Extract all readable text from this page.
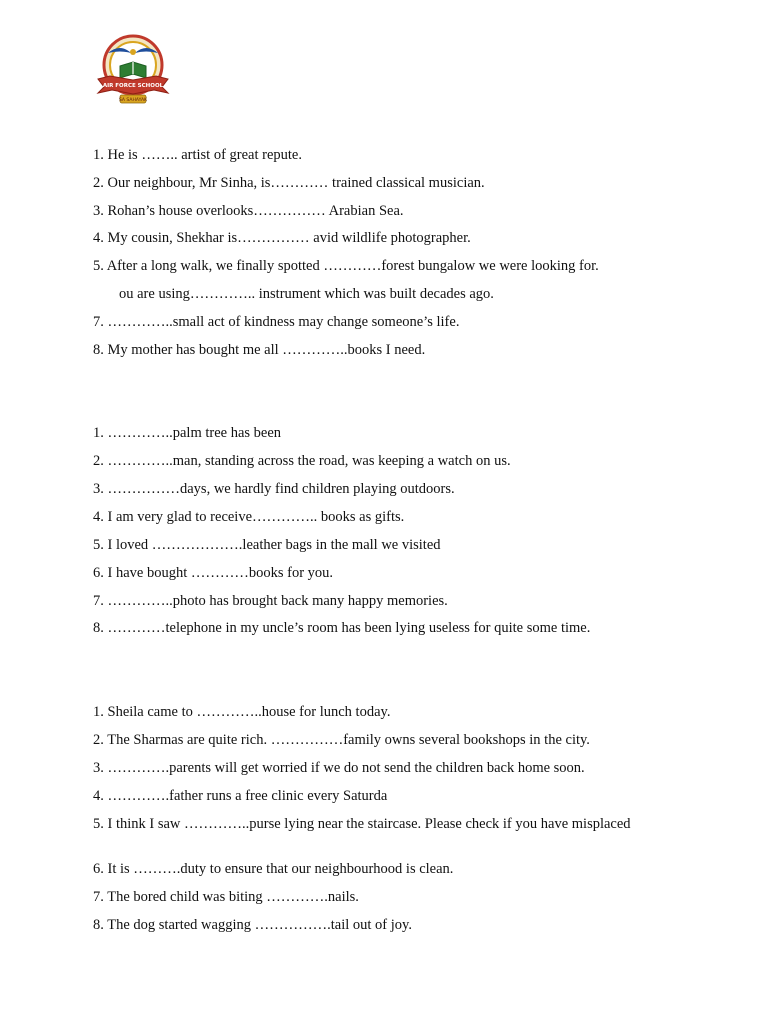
AIR FORCE SCHOOL
SA SAHAYAK
1. He is …….. artist of great repute.
2. Our neighbour, Mr Sinha, is………… trained classical musician.
3. Rohan’s house overlooks…………… Arabian Sea.
4. My cousin, Shekhar is…………… avid wildlife photographer.
5. After a long walk, we finally spotted …………forest bungalow we were looking for.
ou are using………….. instrument which was built decades ago.
7. …………..small act of kindness may change someone’s life.
8. My mother has bought me all …………..books I need.
1. …………..palm tree has been
2. …………..man, standing across the road, was keeping a watch on us.
3. ……………days, we hardly find children playing outdoors.
4. I am very glad to receive………….. books as gifts.
5. I loved ……………….leather bags in the mall we visited
6. I have bought …………books for you.
7. …………..photo has brought back many happy memories.
8. …………telephone in my uncle’s room has been lying useless for quite some time.
1. Sheila came to …………..house for lunch today.
2. The Sharmas are quite rich. ……………family owns several bookshops in the city.
3. ………….parents will get worried if we do not send the children back home soon.
4. ………….father runs a free clinic every Saturda
5. I think I saw …………..purse lying near the staircase. Please check if you have misplaced
6. It is ……….duty to ensure that our neighbourhood is clean.
7. The bored child was biting ………….nails.
8. The dog started wagging …………….tail out of joy.
